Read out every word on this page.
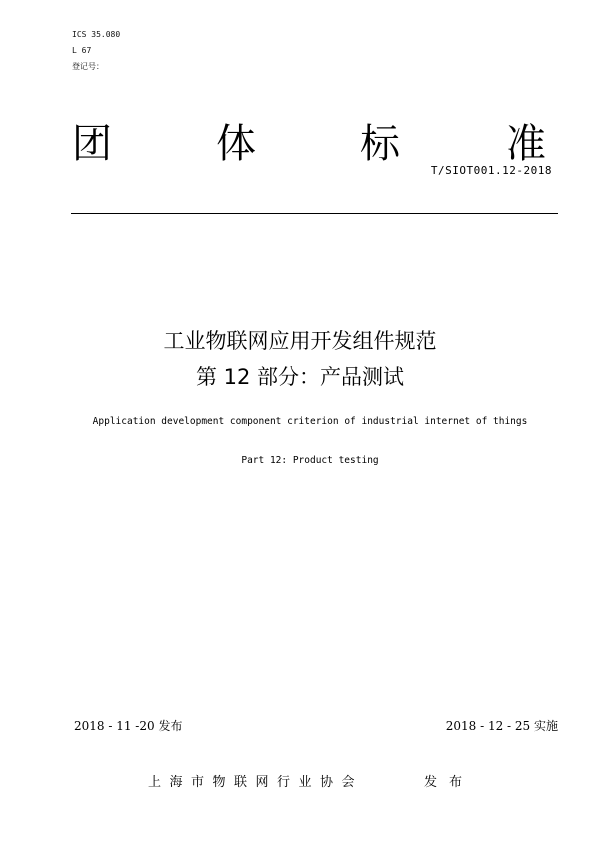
ICS 35.080
L 67
登记号：
团	体	标	准
T/SIOT001.12-2018
工业物联网应用开发组件规范
第 12 部分：产品测试
Application development component criterion of industrial internet of things
Part 12: Product testing
2018 - 11 -20 发布	2018 - 12 - 25 实施
上海市物联网行业协会	发布
